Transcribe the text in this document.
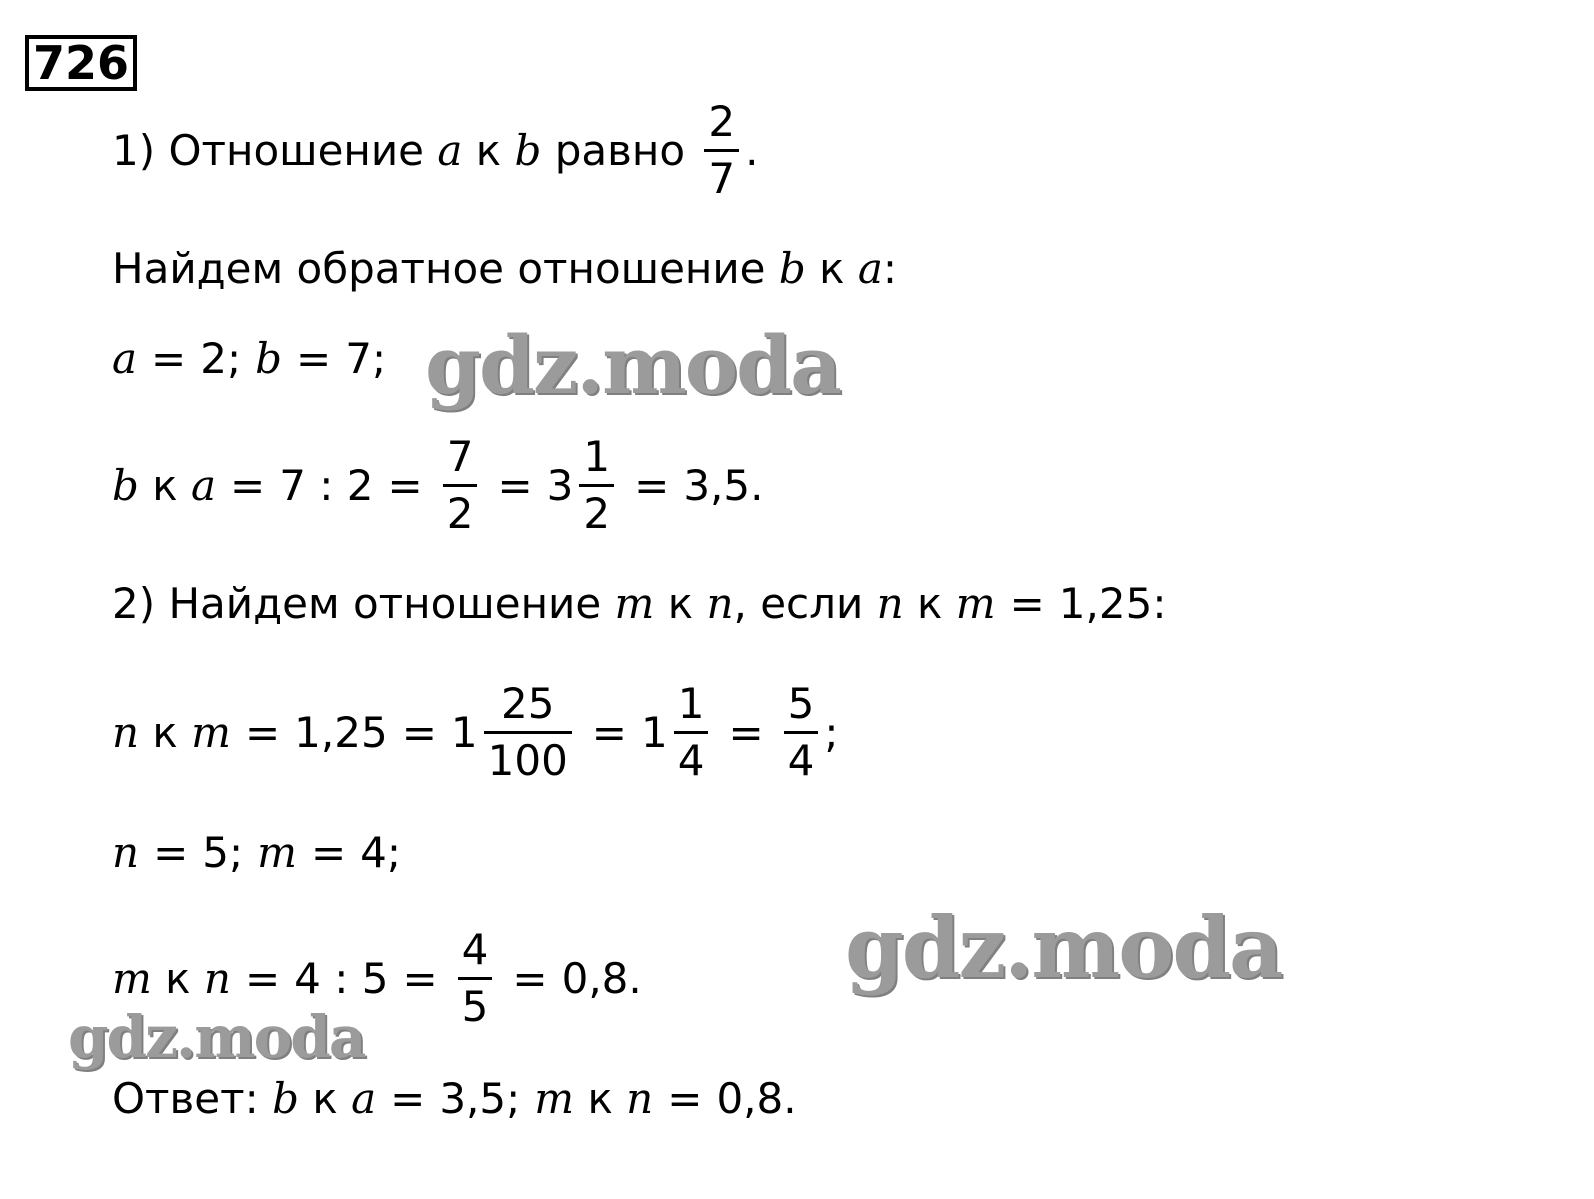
726
1) Отношение a к b равно $\frac{2}{7}$ .
Найдем обратное отношение b к a :
a = 2; b = 7;
b к a = 7 : $2 = \frac{7}{2} = 3 \frac{1}{2} = 3,5$.
2) Найдем отношение m к n , если n к m = 1,25:
n к $m = 1,25 = 1 \frac{25}{100} = 1 \frac{1}{4} = \frac{5}{4}$ ;
n = 5; m = 4;
m к n = 4 : $5 = \frac{4}{5} = 0,8$.
Ответ: b к a = 3,5; m к n = 0,8.
gdz.moda
gdz.moda
gdz.moda
